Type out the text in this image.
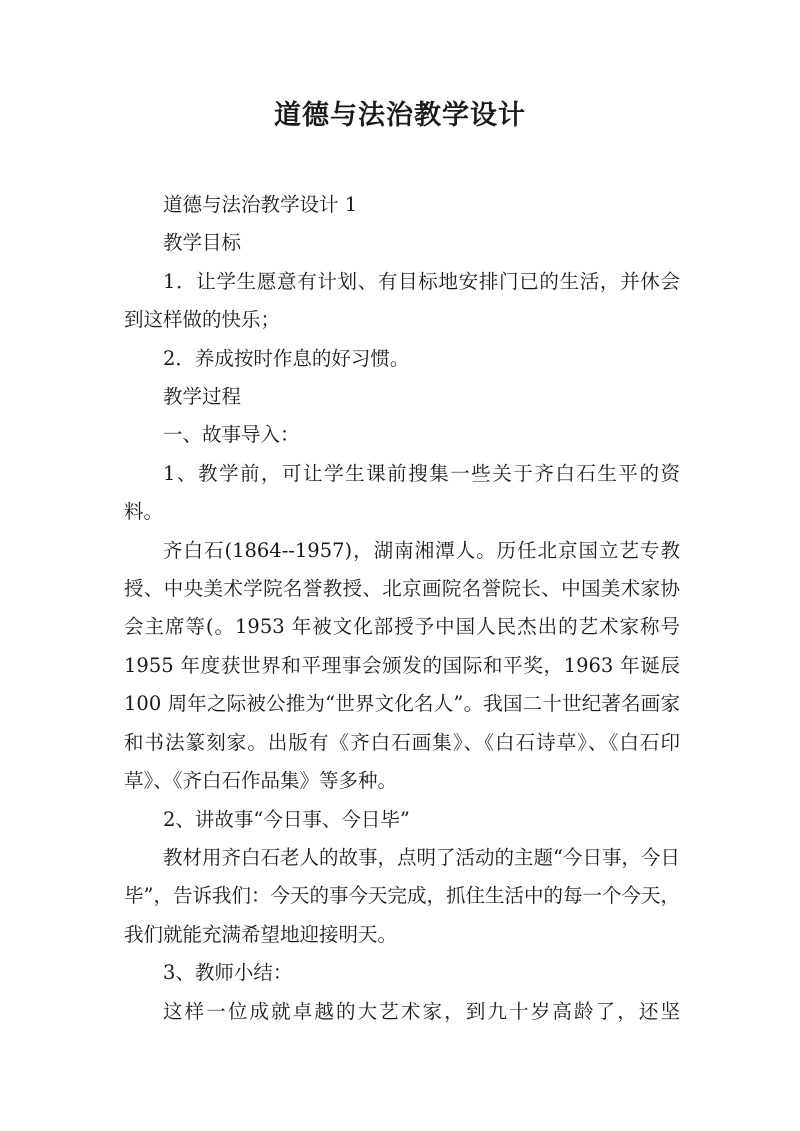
道德与法治教学设计

道德与法治教学设计 1

教学目标

1．让学生愿意有计划、有目标地安排门已的生活，并休会到这样做的快乐；

2．养成按时作息的好习惯。

教学过程

一、故事导入：

1、教学前，可让学生课前搜集一些关于齐白石生平的资料。

齐白石(1864--1957)，湖南湘潭人。历任北京国立艺专教授、中央美术学院名誉教授、北京画院名誉院长、中国美术家协会主席等(。1953 年被文化部授予中国人民杰出的艺术家称号 1955 年度获世界和平理事会颁发的国际和平奖，1963 年诞辰 100 周年之际被公推为“世界文化名人”。我国二十世纪著名画家和书法篆刻家。出版有《齐白石画集》、《白石诗草》、《白石印草》、《齐白石作品集》等多种。

2、讲故事“今日事、今日毕”

教材用齐白石老人的故事，点明了活动的主题“今日事，今日毕”，告诉我们：今天的事今天完成，抓住生活中的每一个今天，我们就能充满希望地迎接明天。

3、教师小结：

这样一位成就卓越的大艺术家，到九十岁高龄了，还坚
